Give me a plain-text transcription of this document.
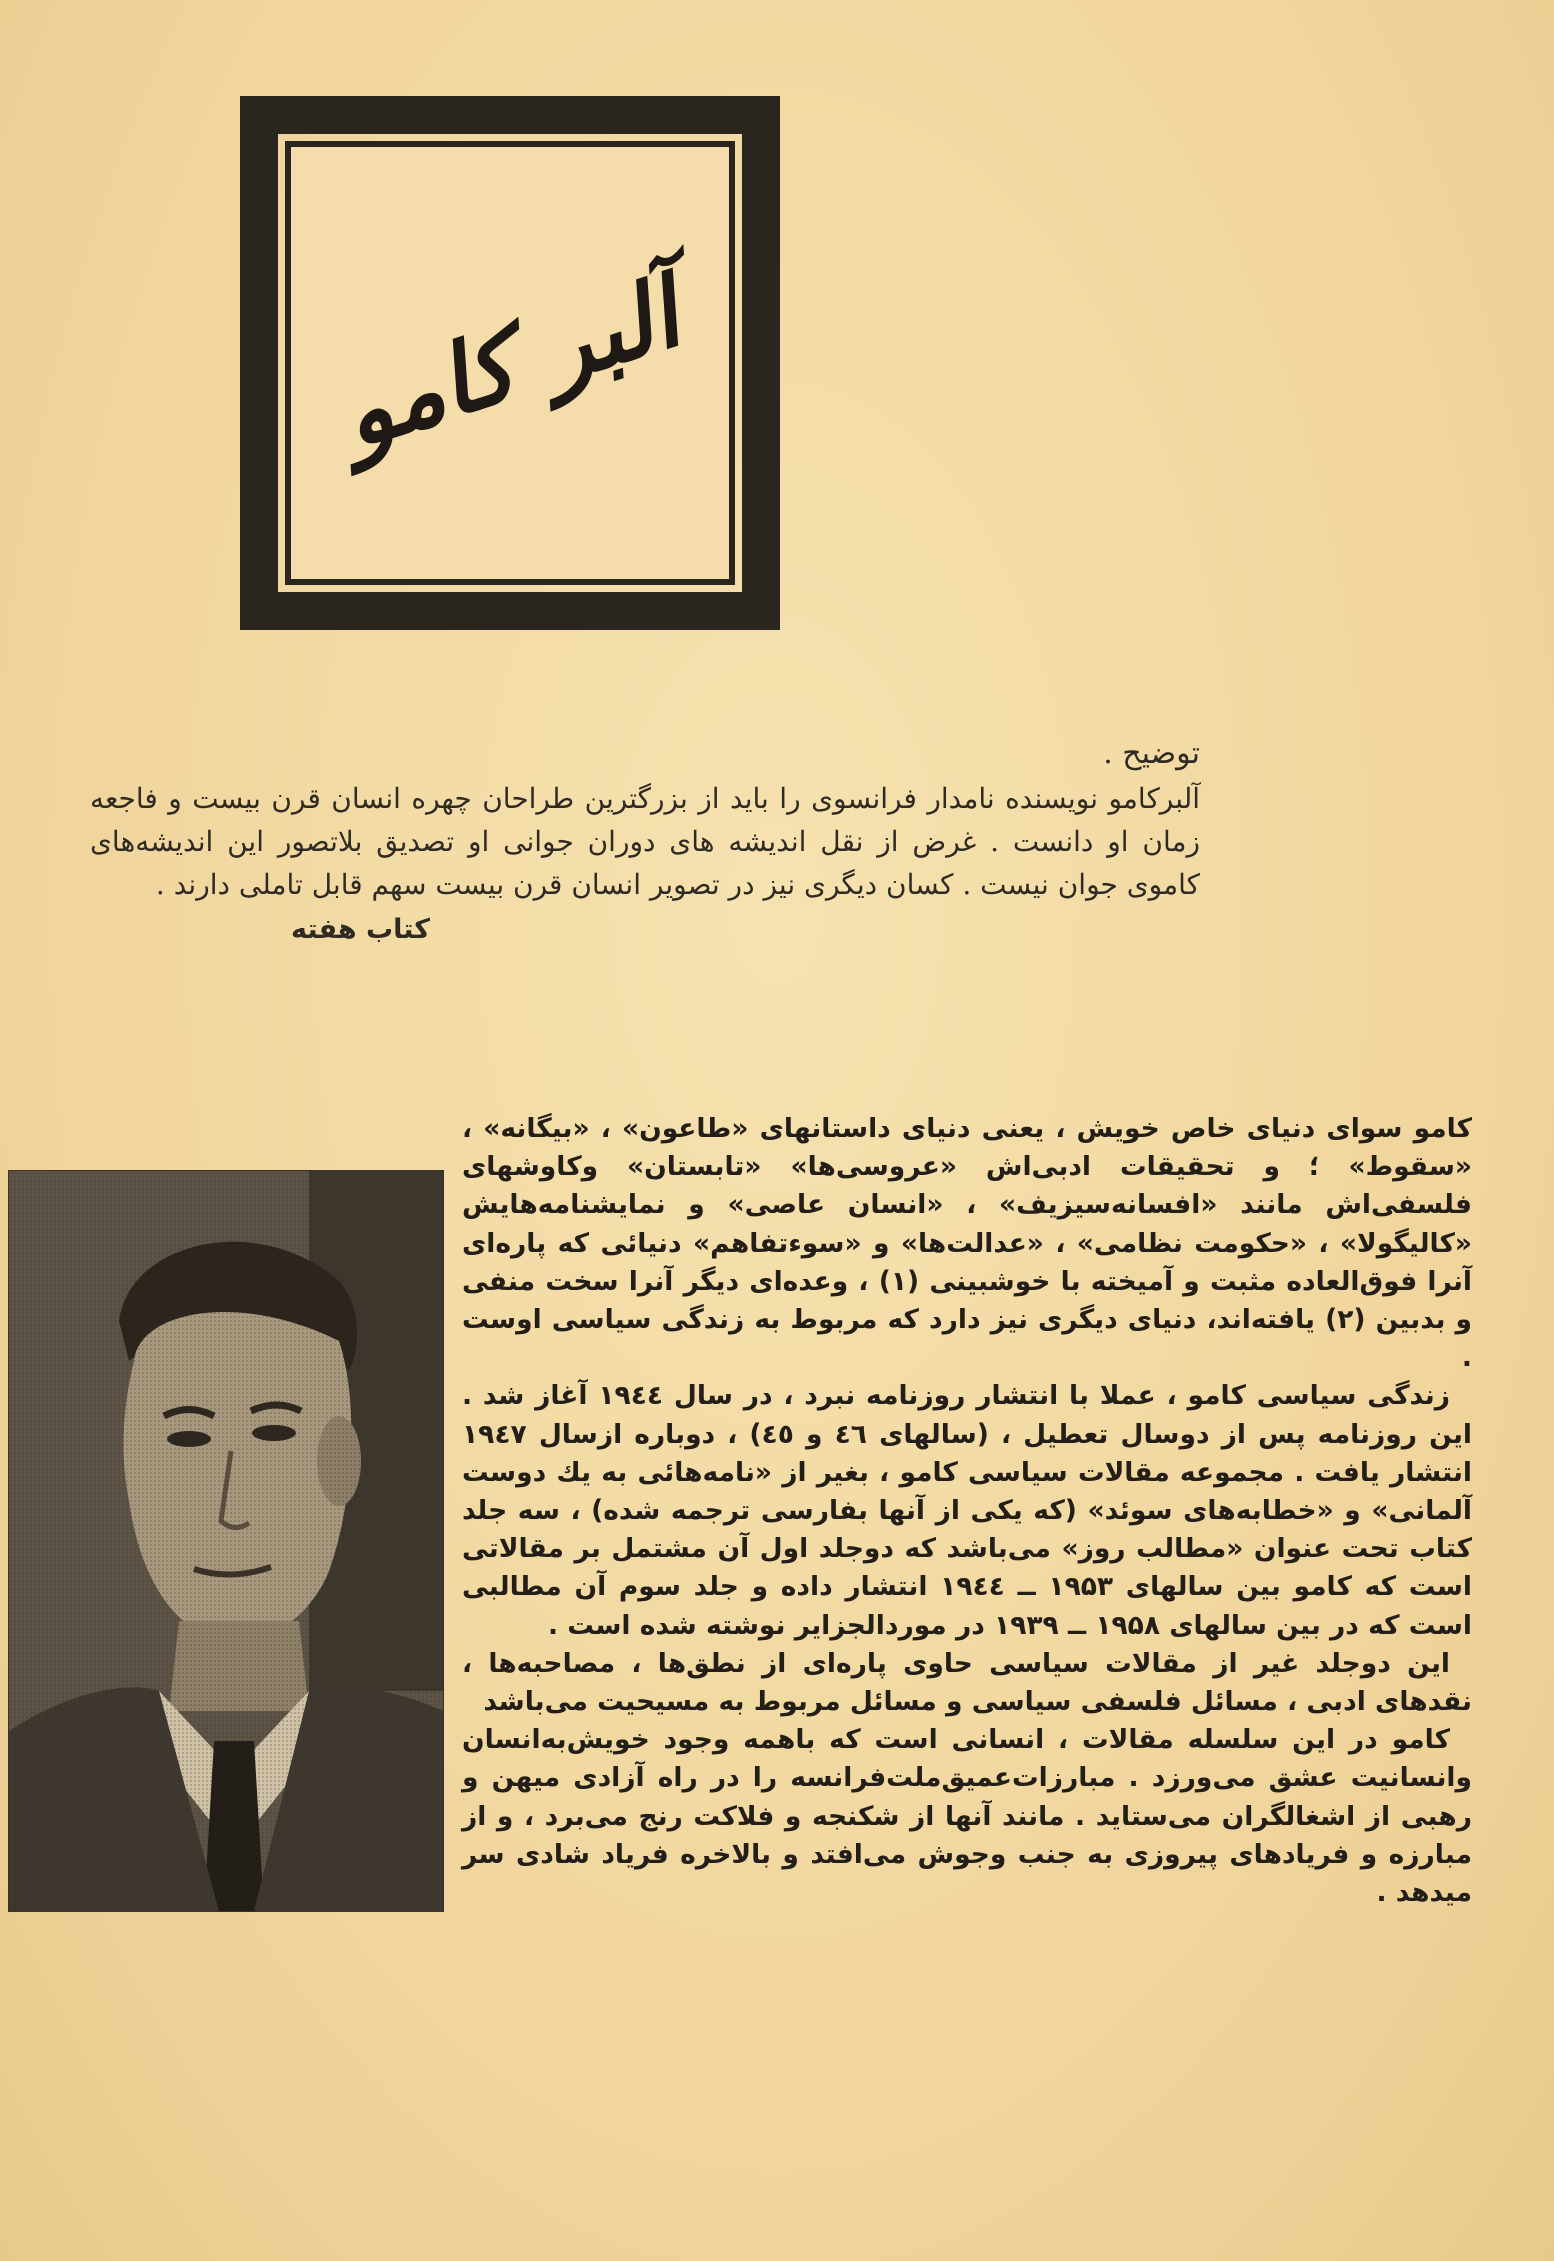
آلبر کامو
توضیح .

آلبرکامو نویسنده نامدار فرانسوی را باید از بزرگترین طراحان چهره انسان قرن بیست و فاجعه زمان او دانست . غرض از نقل اندیشه های دوران جوانی او تصدیق بلاتصور این اندیشه‌های کاموی جوان نیست . کسان دیگری نیز در تصویر انسان قرن بیست سهم قابل تاملی دارند .

کتاب هفته

کامو سوای دنیای خاص خویش ، یعنی دنیای داستانهای «طاعون» ، «بیگانه» ، «سقوط» ؛ و تحقیقات ادبی‌اش «عروسی‌ها» «تابستان» وکاوشهای فلسفی‌اش مانند «افسانه‌سیزیف» ، «انسان عاصی» و نمایشنامه‌هایش «کالیگولا» ، «حکومت نظامی» ، «عدالت‌ها» و «سوءتفاهم» دنیائی که پاره‌ای آنرا فوق‌العاده مثبت و آمیخته با خوشبینی (۱) ، وعده‌ای دیگر آنرا سخت منفی و بدبین (۲) یافته‌اند، دنیای دیگری نیز دارد که مربوط به زندگی سیاسی اوست .

زندگی سیاسی کامو ، عملا با انتشار روزنامه نبرد ، در سال ۱۹٤٤ آغاز شد . این روزنامه پس از دوسال تعطیل ، (سالهای ٤٦ و ٤٥) ، دوباره ازسال ۱۹٤۷ انتشار یافت . مجموعه مقالات سیاسی کامو ، بغیر از «نامه‌هائی به یك دوست آلمانی» و «خطابه‌های سوئد» (که یکی از آنها بفارسی ترجمه شده) ، سه جلد کتاب تحت عنوان «مطالب روز» می‌باشد که دوجلد اول آن مشتمل بر مقالاتی است که کامو بین سالهای ۱۹۵۳ ــ ۱۹٤٤ انتشار داده و جلد سوم آن مطالبی است که در بین سالهای ۱۹۵۸ ــ ۱۹۳۹ در موردالجزایر نوشته شده است .

این دوجلد غیر از مقالات سیاسی حاوی پاره‌ای از نطق‌ها ، مصاحبه‌ها ، نقدهای ادبی ، مسائل فلسفی سیاسی و مسائل مربوط به مسیحیت می‌باشد

کامو در این سلسله مقالات ، انسانی است که باهمه وجود خویش‌به‌انسان وانسانیت عشق می‌ورزد . مبارزات‌عمیق‌ملت‌فرانسه را در راه آزادی میهن و رهبی از اشغالگران می‌ستاید . مانند آنها از شکنجه و فلاکت رنج می‌برد ، و از مبارزه و فریادهای پیروزی به جنب وجوش می‌افتد و بالاخره فریاد شادی سر میدهد .
